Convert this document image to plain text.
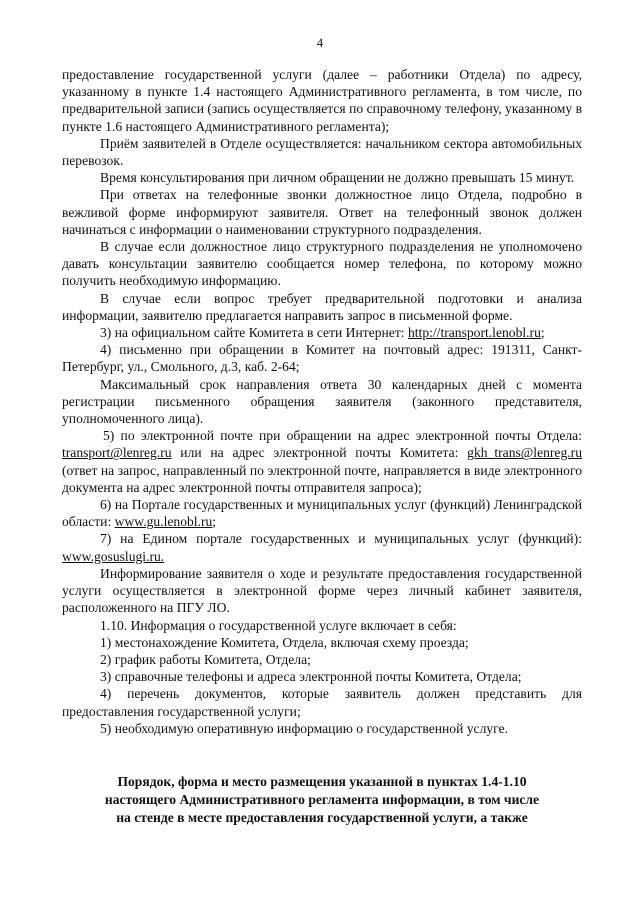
4

предоставление государственной услуги (далее – работники Отдела) по адресу, указанному в пункте 1.4 настоящего Административного регламента, в том числе, по предварительной записи (запись осуществляется по справочному телефону, указанному в пункте 1.6 настоящего Административного регламента);

Приём заявителей в Отделе осуществляется: начальником сектора автомобильных перевозок.

Время консультирования при личном обращении не должно превышать 15 минут.

При ответах на телефонные звонки должностное лицо Отдела, подробно в вежливой форме информируют заявителя. Ответ на телефонный звонок должен начинаться с информации о наименовании структурного подразделения.

В случае если должностное лицо структурного подразделения не уполномочено давать консультации заявителю сообщается номер телефона, по которому можно получить необходимую информацию.

В случае если вопрос требует предварительной подготовки и анализа информации, заявителю предлагается направить запрос в письменной форме.

3) на официальном сайте Комитета в сети Интернет: http://transport.lenobl.ru;

4) письменно при обращении в Комитет на почтовый адрес: 191311, Санкт-Петербург, ул., Смольного, д.3, каб. 2-64;

Максимальный срок направления ответа 30 календарных дней с момента регистрации письменного обращения заявителя (законного представителя, уполномоченного лица).

5) по электронной почте при обращении на адрес электронной почты Отдела: transport@lenreg.ru или на адрес электронной почты Комитета: gkh_trans@lenreg.ru (ответ на запрос, направленный по электронной почте, направляется в виде электронного документа на адрес электронной почты отправителя запроса);

6) на Портале государственных и муниципальных услуг (функций) Ленинградской области: www.gu.lenobl.ru;

7) на Едином портале государственных и муниципальных услуг (функций): www.gosuslugi.ru.

Информирование заявителя о ходе и результате предоставления государственной услуги осуществляется в электронной форме через личный кабинет заявителя, расположенного на ПГУ ЛО.

1.10. Информация о государственной услуге включает в себя:

1) местонахождение Комитета, Отдела, включая схему проезда;

2) график работы Комитета, Отдела;

3) справочные телефоны и адреса электронной почты Комитета, Отдела;

4) перечень документов, которые заявитель должен представить для предоставления государственной услуги;

5) необходимую оперативную информацию о государственной услуге.

Порядок, форма и место размещения указанной в пунктах 1.4-1.10
настоящего Административного регламента информации, в том числе
на стенде в месте предоставления государственной услуги, а также
